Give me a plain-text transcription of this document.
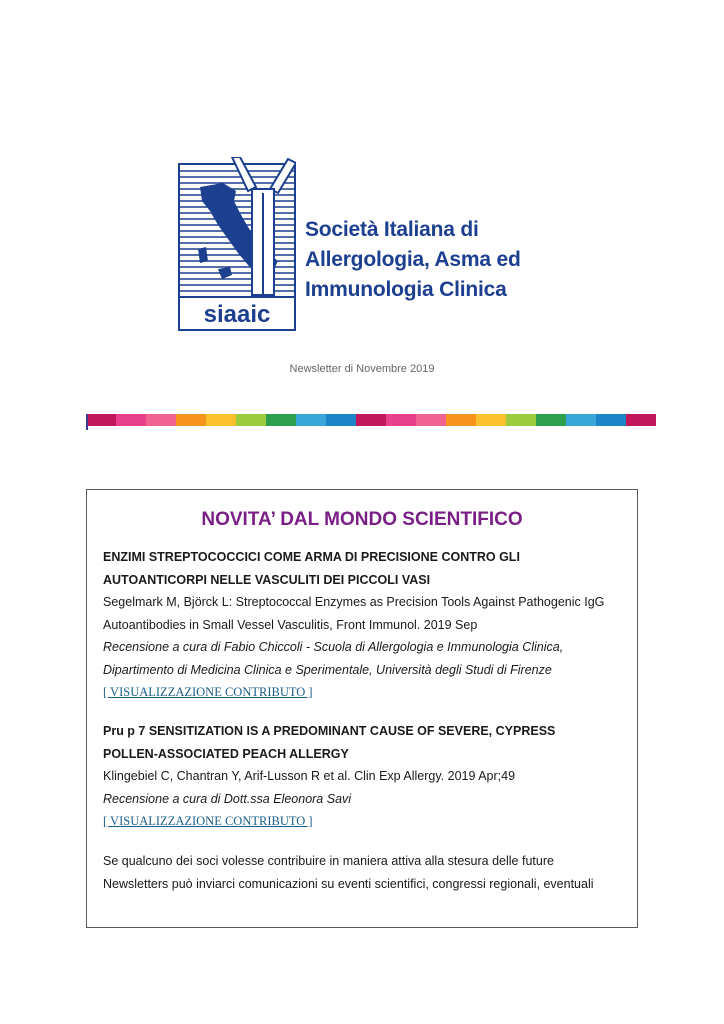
siaaic
Società Italiana di
Allergologia, Asma ed
Immunologia Clinica
Newsletter di Novembre 2019
NOVITA’ DAL MONDO SCIENTIFICO

ENZIMI STREPTOCOCCICI COME ARMA DI PRECISIONE CONTRO GLI

AUTOANTICORPI NELLE VASCULITI DEI PICCOLI VASI

Segelmark M, Björck L: Streptococcal Enzymes as Precision Tools Against Pathogenic IgG

Autoantibodies in Small Vessel Vasculitis, Front Immunol. 2019 Sep

Recensione a cura di Fabio Chiccoli - Scuola di Allergologia e Immunologia Clinica,

Dipartimento di Medicina Clinica e Sperimentale, Università degli Studi di Firenze

[ VISUALIZZAZIONE CONTRIBUTO ]

Pru p 7 SENSITIZATION IS A PREDOMINANT CAUSE OF SEVERE, CYPRESS

POLLEN-ASSOCIATED PEACH ALLERGY

Klingebiel C, Chantran Y, Arif-Lusson R et al. Clin Exp Allergy. 2019 Apr;49

Recensione a cura di Dott.ssa Eleonora Savi

[ VISUALIZZAZIONE CONTRIBUTO ]

Se qualcuno dei soci volesse contribuire in maniera attiva alla stesura delle future

Newsletters può inviarci comunicazioni su eventi scientifici, congressi regionali, eventuali
